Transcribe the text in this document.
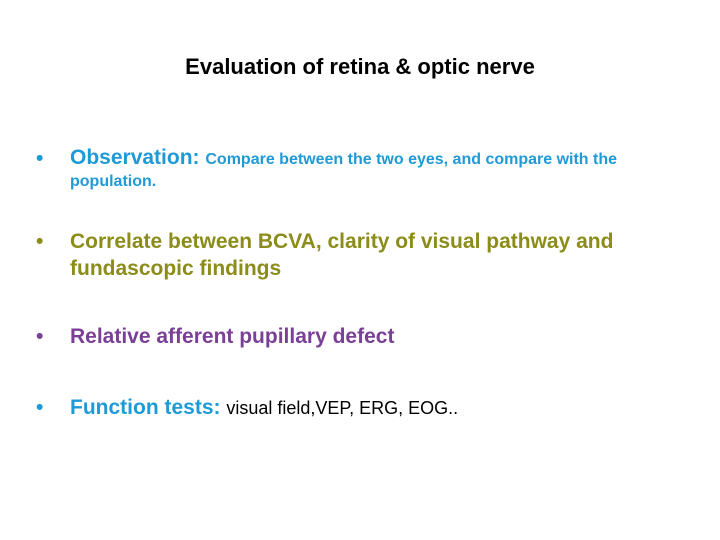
Evaluation of retina & optic nerve
• Observation: Compare between the two eyes, and compare with the population.
• Correlate between BCVA, clarity of visual pathway and fundascopic findings
• Relative afferent pupillary defect
• Function tests: visual field,VEP, ERG, EOG..
